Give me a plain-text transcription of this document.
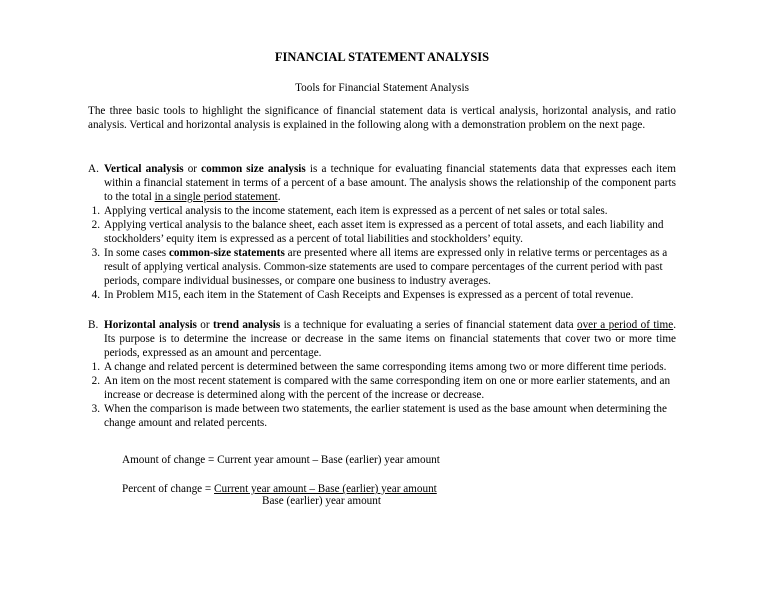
FINANCIAL STATEMENT ANALYSIS
Tools for Financial Statement Analysis
The three basic tools to highlight the significance of financial statement data is vertical analysis, horizontal analysis, and ratio analysis. Vertical and horizontal analysis is explained in the following along with a demonstration problem on the next page.
A. Vertical analysis or common size analysis is a technique for evaluating financial statements data that expresses each item within a financial statement in terms of a percent of a base amount. The analysis shows the relationship of the component parts to the total in a single period statement.
1. Applying vertical analysis to the income statement, each item is expressed as a percent of net sales or total sales.
2. Applying vertical analysis to the balance sheet, each asset item is expressed as a percent of total assets, and each liability and stockholders’ equity item is expressed as a percent of total liabilities and stockholders’ equity.
3. In some cases common-size statements are presented where all items are expressed only in relative terms or percentages as a result of applying vertical analysis. Common-size statements are used to compare percentages of the current period with past periods, compare individual businesses, or compare one business to industry averages.
4. In Problem M15, each item in the Statement of Cash Receipts and Expenses is expressed as a percent of total revenue.
B. Horizontal analysis or trend analysis is a technique for evaluating a series of financial statement data over a period of time. Its purpose is to determine the increase or decrease in the same items on financial statements that cover two or more time periods, expressed as an amount and percentage.
1. A change and related percent is determined between the same corresponding items among two or more different time periods.
2. An item on the most recent statement is compared with the same corresponding item on one or more earlier statements, and an increase or decrease is determined along with the percent of the increase or decrease.
3. When the comparison is made between two statements, the earlier statement is used as the base amount when determining the change amount and related percents.
Amount of change = Current year amount – Base (earlier) year amount
Percent of change = Current year amount – Base (earlier) year amount
Base (earlier) year amount
